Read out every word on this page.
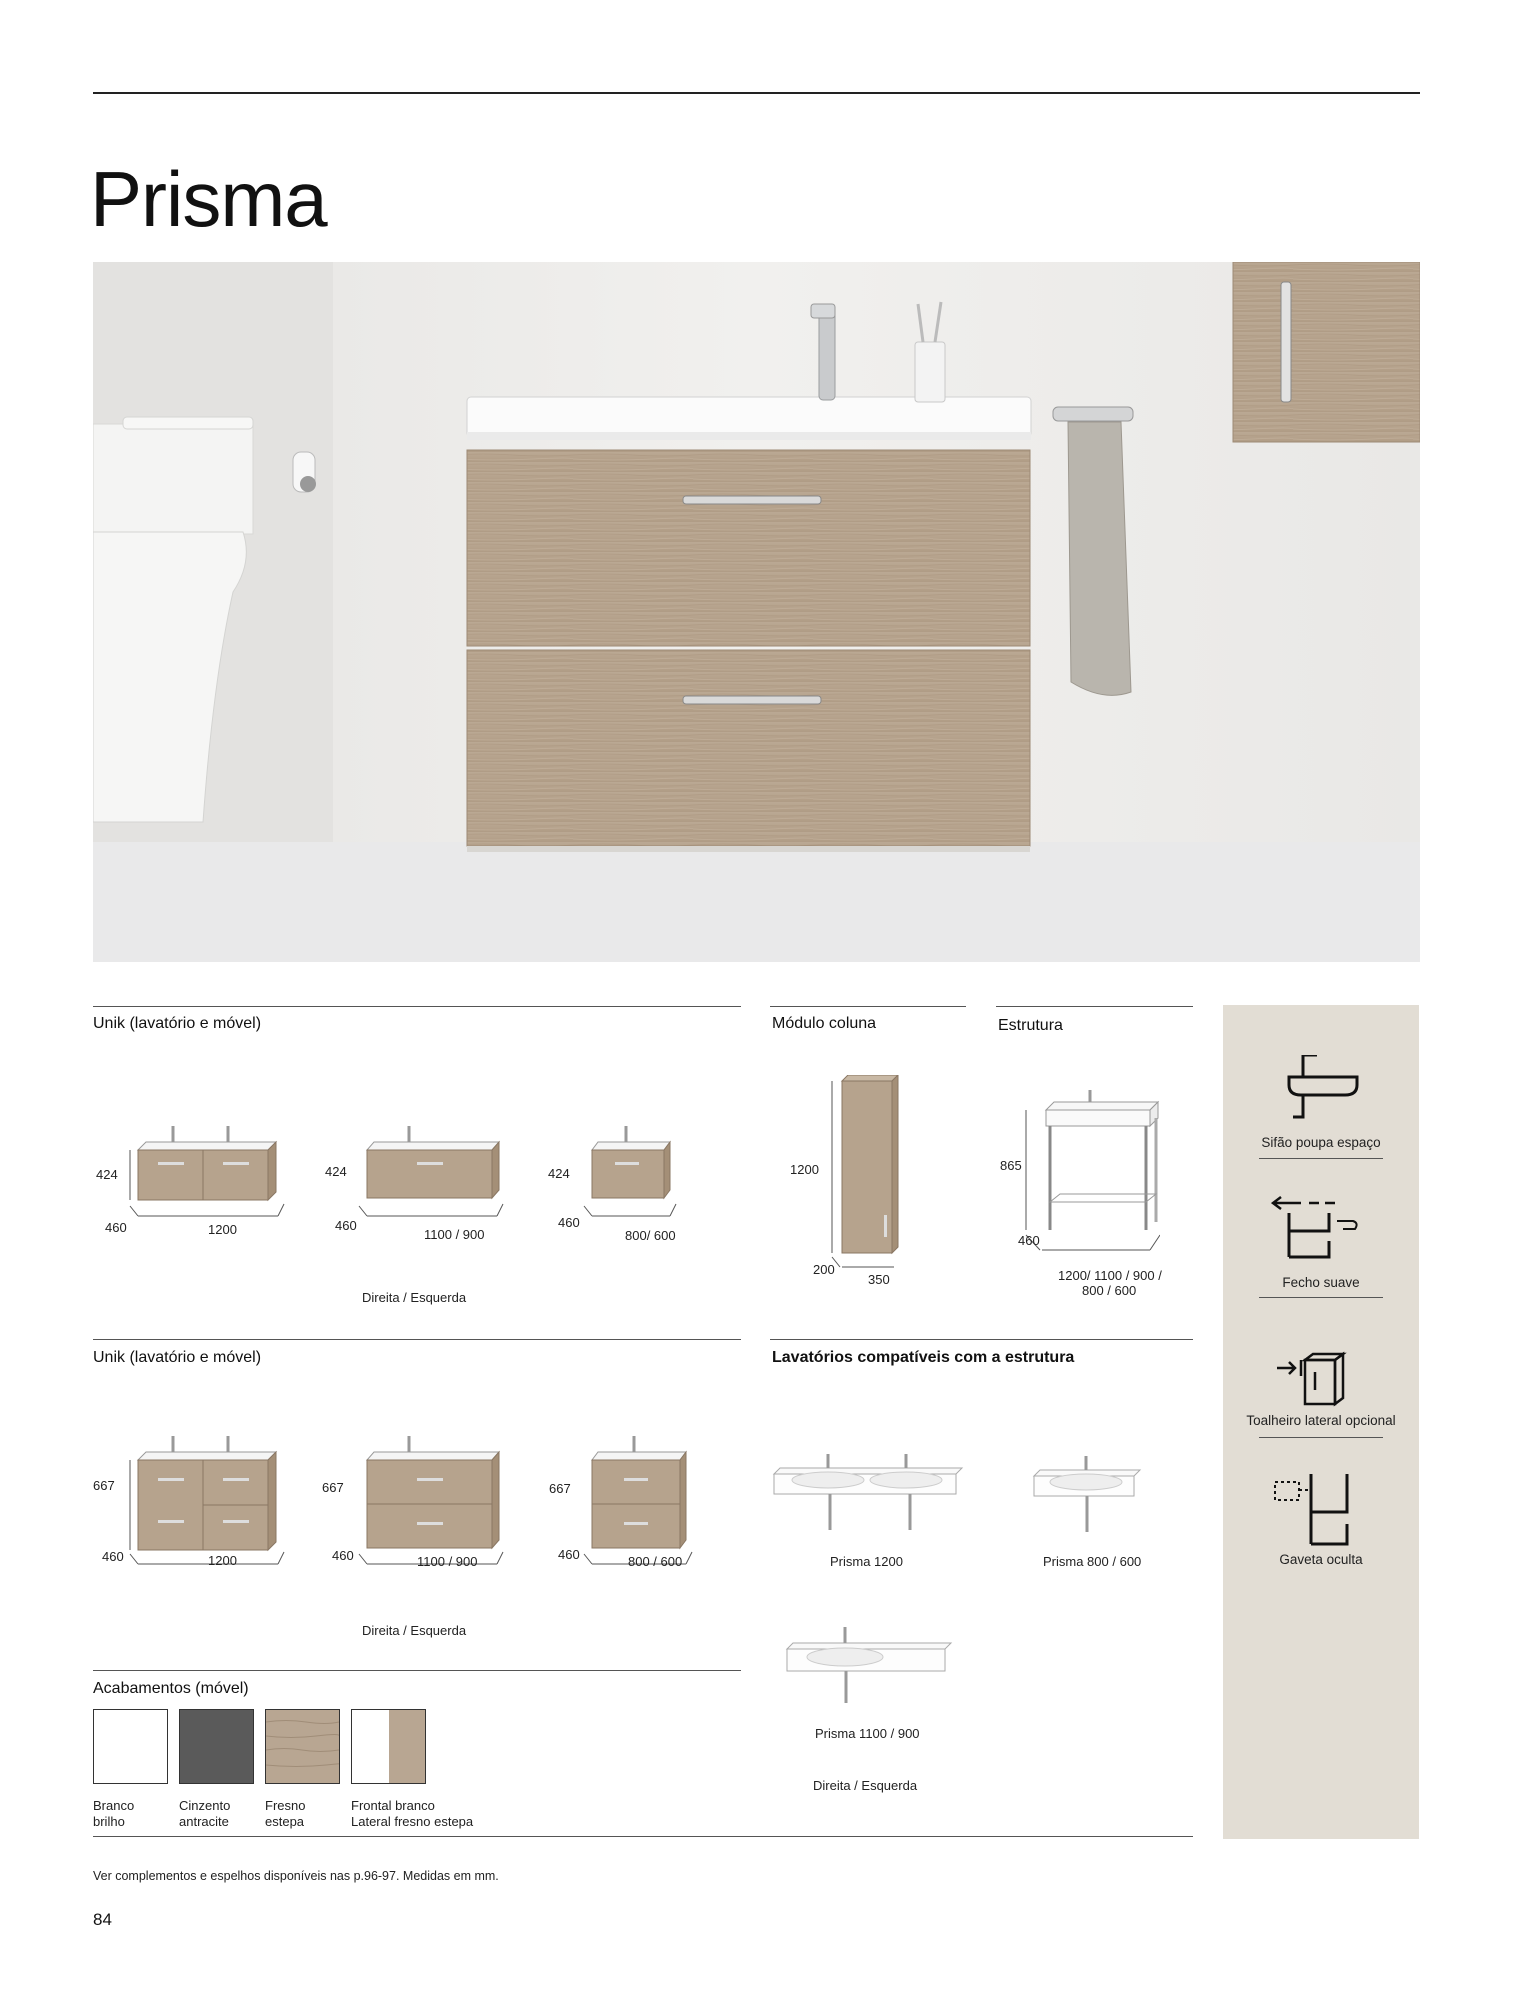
Prisma
Unik (lavatório e móvel)
424
460	1200
424
460
1100 / 900
424
460
800/ 600
Direita / Esquerda
Unik (lavatório e móvel)
667
460	1200
667
460	1100 / 900
667
460	800 / 600
Direita / Esquerda
Módulo coluna
1200
200
350
Estrutura
865
460
1200/ 1100 / 900 /
800 / 600
Lavatórios compatíveis com a estrutura
Prisma 1200	Prisma 800 / 600
Prisma 1100 / 900
Direita / Esquerda
Acabamentos (móvel)
Branco
brilho
Cinzento
antracite
Fresno
estepa
Frontal branco
Lateral fresno estepa
Sifão poupa espaço
Fecho suave
Toalheiro lateral opcional
Gaveta oculta
Ver complementos e espelhos disponíveis nas p.96-97. Medidas em mm.
84
